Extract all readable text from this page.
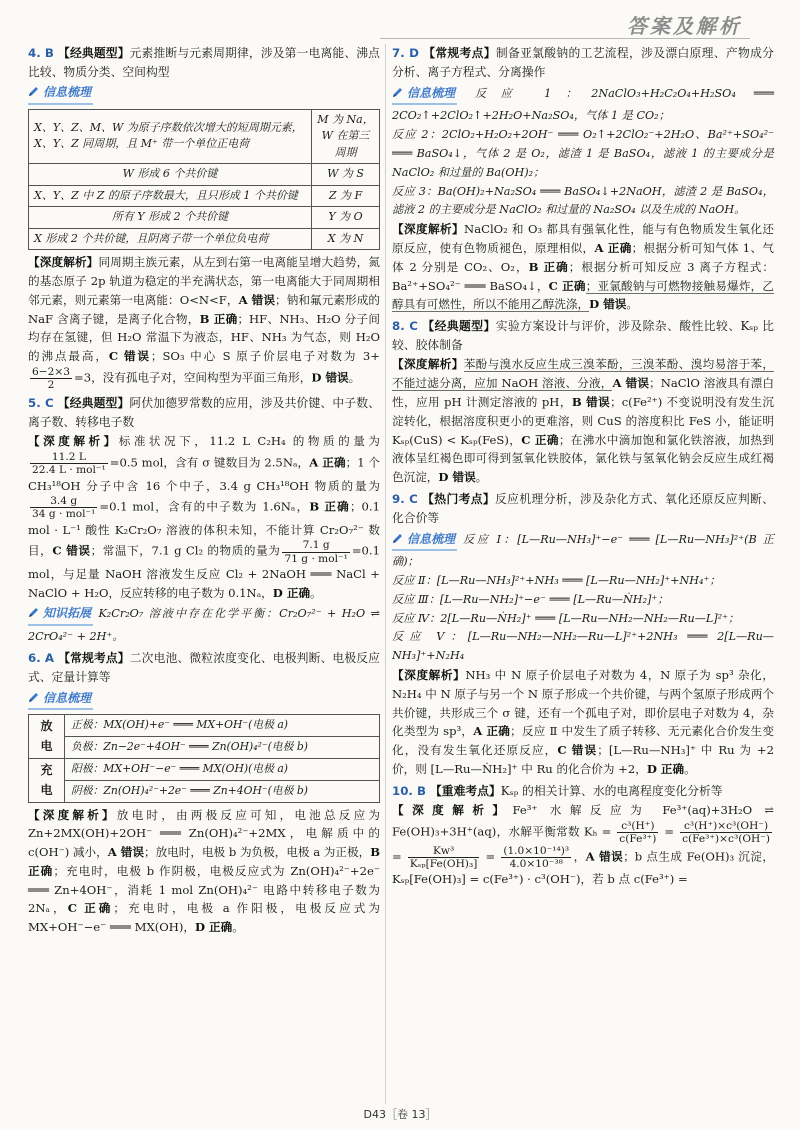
答案及解析
4. B 【经典题型】元素推断与元素周期律，涉及第一电离能、沸点比较、物质分类、空间构型
信息梳理
X、Y、Z、M、W 为原子序数依次增大的短周期元素，X、Y、Z 同周期，且 M⁺ 带一个单位正电荷	M 为 Na，W 在第三周期
W 形成 6 个共价键	W 为 S
X、Y、Z 中 Z 的原子序数最大，且只形成 1 个共价键	Z 为 F
所有 Y 形成 2 个共价键	Y 为 O
X 形成 2 个共价键，且阴离子带一个单位负电荷	X 为 N
【深度解析】同周期主族元素，从左到右第一电离能呈增大趋势，氮的基态原子 2p 轨道为稳定的半充满状态，第一电离能大于同周期相邻元素，则元素第一电离能：O<N<F，A 错误；钠和氟元素形成的 NaF 含离子键，是离子化合物，B 正确；HF、NH₃、H₂O 分子间均存在氢键，但 H₂O 常温下为液态，HF、NH₃ 为气态，则 H₂O 的沸点最高，C 错误；SO₃ 中心 S 原子价层电子对数为 3+
$\frac{6-2\times 3}{2} =3$，没有孤电子对，空间构型为平面三角形，D 错误。
5. C 【经典题型】阿伏加德罗常数的应用，涉及共价键、中子数、离子数、转移电子数
【深度解析】标准状况下，11.2 L C₂H₄ 的物质的量为
$\frac{11.2 L}{\text{22.4 L · mol⁻¹}} =0.5$ mol，含有 σ 键数目为 2.5Nₐ，A 正确；1 个 CH₃¹⁸OH 分子中含 16 个中子，3.4 g CH₃¹⁸OH 物质的量为
$\frac{3.4 g}{\text{34 g · mol⁻¹}} =0.1$ mol，含有的中子数为 1.6Nₐ，B 正确；0.1 mol · L⁻¹ 酸性 K₂Cr₂O₇ 溶液的体积未知，不能计算 Cr₂O₇²⁻ 数目，C 错误；常温下，7.1 g Cl₂ 的物质的量为 $\frac{7.1 g}{\text{71 g · mol⁻¹}} =0.1$ mol，与足量 NaOH 溶液发生反应 Cl₂ + 2NaOH ═══ NaCl + NaClO + H₂O，反应转移的电子数为 0.1Nₐ，D 正确。
知识拓展 K₂Cr₂O₇ 溶液中存在化学平衡：Cr₂O₇²⁻ + H₂O ⇌ 2CrO₄²⁻ + 2H⁺。
6. A 【常规考点】二次电池、微粒浓度变化、电极判断、电极反应式、定量计算等
信息梳理
放电	正极：MX(OH)+e⁻ ═══ MX+OH⁻(电极 a)
	负极：Zn−2e⁻+4OH⁻ ═══ Zn(OH)₄²⁻(电极 b)
充电	阳极：MX+OH⁻−e⁻ ═══ MX(OH)(电极 a)
	阴极：Zn(OH)₄²⁻+2e⁻ ═══ Zn+4OH⁻(电极 b)
【深度解析】放电时，由两极反应可知，电池总反应为 Zn+2MX(OH)+2OH⁻ ═══ Zn(OH)₄²⁻+2MX，电解质中的 c(OH⁻) 减小，A 错误；放电时，电极 b 为负极，电极 a 为正极，B 正确；充电时，电极 b 作阴极，电极反应式为 Zn(OH)₄²⁻+2e⁻ ═══ Zn+4OH⁻，消耗 1 mol Zn(OH)₄²⁻ 电路中转移电子数为 2Nₐ，C 正确；充电时，电极 a 作阳极，电极反应式为 MX+OH⁻−e⁻ ═══ MX(OH)，D 正确。
7. D 【常规考点】制备亚氯酸钠的工艺流程，涉及漂白原理、产物成分分析、离子方程式、分离操作
信息梳理 反应 1：2NaClO₃+H₂C₂O₄+H₂SO₄ ═══ 2CO₂↑+2ClO₂↑+2H₂O+Na₂SO₄，气体 1 是 CO₂；
反应 2：2ClO₂+H₂O₂+2OH⁻ ═══ O₂↑+2ClO₂⁻+2H₂O、Ba²⁺+SO₄²⁻ ═══ BaSO₄↓，气体 2 是 O₂，滤渣 1 是 BaSO₄，滤液 1 的主要成分是 NaClO₂ 和过量的 Ba(OH)₂；
反应 3：Ba(OH)₂+Na₂SO₄ ═══ BaSO₄↓+2NaOH，滤渣 2 是 BaSO₄，滤液 2 的主要成分是 NaClO₂ 和过量的 Na₂SO₄ 以及生成的 NaOH。
【深度解析】NaClO₂ 和 O₃ 都具有强氧化性，能与有色物质发生氧化还原反应，使有色物质褪色，原理相似，A 正确；根据分析可知气体 1、气体 2 分别是 CO₂、O₂，B 正确；根据分析可知反应 3 离子方程式：Ba²⁺+SO₄²⁻ ═══ BaSO₄↓，C 正确；亚氯酸钠与可燃物接触易爆炸，乙醇具有可燃性，所以不能用乙醇洗涤，D 错误。
8. C 【经典题型】实验方案设计与评价，涉及除杂、酸性比较、Kₛₚ 比较、胶体制备
【深度解析】苯酚与溴水反应生成三溴苯酚，三溴苯酚、溴均易溶于苯，不能过滤分离，应加 NaOH 溶液、分液，A 错误；NaClO 溶液具有漂白性，应用 pH 计测定溶液的 pH，B 错误；c(Fe²⁺) 不变说明没有发生沉淀转化，根据溶度积更小的更难溶，则 CuS 的溶度积比 FeS 小，能证明 Kₛₚ(CuS) < Kₛₚ(FeS)，C 正确；在沸水中滴加饱和氯化铁溶液，加热到液体呈红褐色即可得到氢氧化铁胶体，氯化铁与氢氧化钠会反应生成红褐色沉淀，D 错误。
9. C 【热门考点】反应机理分析，涉及杂化方式、氧化还原反应判断、化合价等
信息梳理 反应 Ⅰ：[L—Ru—NH₃]⁺−e⁻ ═══ [L—Ru—NH₃]²⁺(B 正确)；
反应 Ⅱ：[L—Ru—NH₃]²⁺+NH₃ ═══ [L—Ru—NH₂]⁺+NH₄⁺；
反应 Ⅲ：[L—Ru—NH₂]⁺−e⁻ ═══ [L—Ru—ṄH₂]⁺；
反应 Ⅳ：2[L—Ru—ṄH₂]⁺ ═══ [L—Ru—NH₂—NH₂—Ru—L]²⁺；
反应 Ⅴ：[L—Ru—NH₂—NH₂—Ru—L]²⁺+2NH₃ ═══ 2[L—Ru—NH₃]⁺+N₂H₄
【深度解析】NH₃ 中 N 原子价层电子对数为 4，N 原子为 sp³ 杂化，N₂H₄ 中 N 原子与另一个 N 原子形成一个共价键，与两个氢原子形成两个共价键，共形成三个 σ 键，还有一个孤电子对，即价层电子对数为 4，杂化类型为 sp³，A 正确；反应 Ⅱ 中发生了质子转移、无元素化合价发生变化，没有发生氧化还原反应，C 错误；[L—Ru—NH₃]⁺ 中 Ru 为 +2 价，则 [L—Ru—ṄH₂]⁺ 中 Ru 的化合价为 +2，D 正确。
10. B 【重难考点】Kₛₚ 的相关计算、水的电离程度变化分析等
【深度解析】Fe³⁺ 水解反应为 Fe³⁺(aq)+3H₂O ⇌ Fe(OH)₃+3H⁺(aq)，水解平衡常数 $K_h = \frac{\text{c³(H⁺)}}{\text{c(Fe³⁺)}} = \frac{\text{c³(H⁺)×c³(OH⁻)}}{\text{c(Fe³⁺)×c³(OH⁻)}}$
= $\frac{\text{Kw³}}{\text{Kₛₚ[Fe(OH)₃]}} = \frac{\text{(1.0×10⁻¹⁴)³}}{\text{4.0×10⁻³⁸}}$ ，A 错误；b 点生成 Fe(OH)₃ 沉淀，Kₛₚ[Fe(OH)₃] = c(Fe³⁺) · c³(OH⁻)，若 b 点 c(Fe³⁺) =
D43［卷 13］
